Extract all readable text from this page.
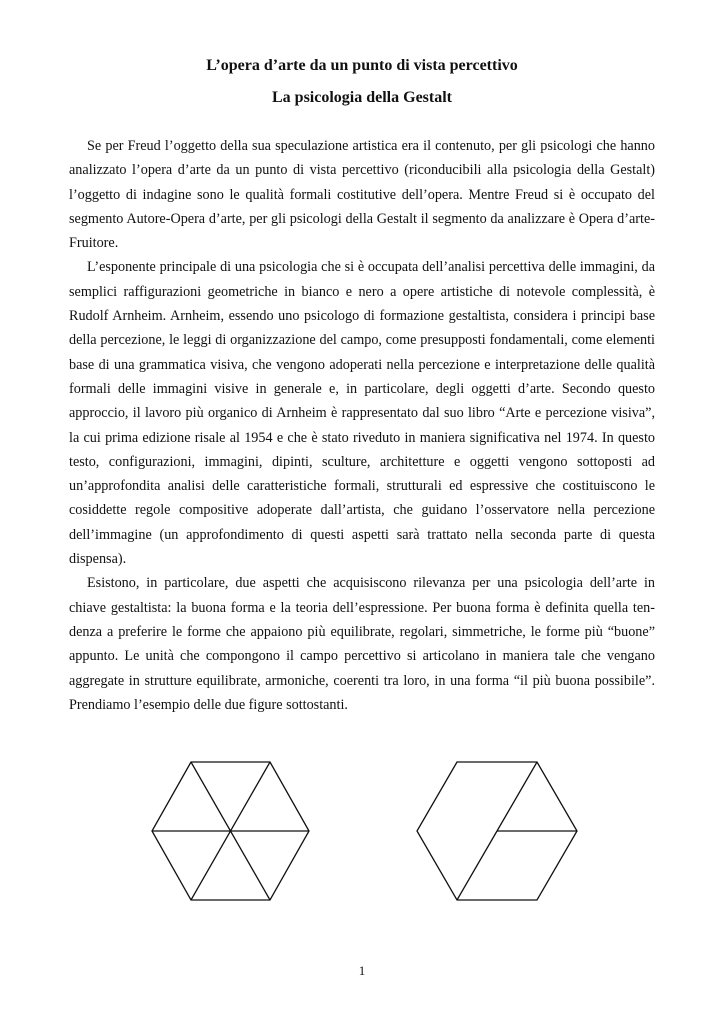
L’opera d’arte da un punto di vista percettivo
La psicologia della Gestalt

Se per Freud l’oggetto della sua speculazione artistica era il contenuto, per gli psicologi che hanno analizzato l’opera d’arte da un punto di vista percettivo (riconducibili alla psicologia della Gestalt) l’oggetto di indagine sono le qualità formali costitutive dell’opera. Mentre Freud si è occupato del segmento Autore-Opera d’arte, per gli psicologi della Gestalt il segmento da analizzare è Opera d’arte-Fruitore.

L’esponente principale di una psicologia che si è occupata dell’analisi percettiva delle immagini, da semplici raffigurazioni geometriche in bianco e nero a opere artistiche di notevole complessità, è Rudolf Arnheim. Arnheim, essendo uno psicologo di formazione gestaltista, considera i principi base della percezione, le leggi di organizzazione del campo, come presupposti fondamentali, come elementi base di una grammatica visiva, che vengono adoperati nella percezione e interpretazione delle qualità formali delle immagini visive in generale e, in particolare, degli oggetti d’arte. Secondo questo approccio, il lavoro più organico di Arnheim è rappresentato dal suo libro “Arte e percezione visiva”, la cui prima edizione risale al 1954 e che è stato riveduto in maniera significativa nel 1974. In questo testo, configurazioni, immagini, dipinti, sculture, architetture e oggetti vengono sottoposti ad un’approfondita analisi delle caratteristiche formali, strutturali ed espressive che costituiscono le cosiddette regole compositive adoperate dall’artista, che guidano l’osservatore nella percezione dell’immagine (un approfondimento di questi aspetti sarà trattato nella seconda parte di questa dispensa).

Esistono, in particolare, due aspetti che acquisiscono rilevanza per una psicologia dell’arte in chiave gestaltista: la buona forma e la teoria dell’espressione. Per buona forma è definita quella tendenza a preferire le forme che appaiono più equilibrate, regolari, simmetriche, le forme più “buone” appunto. Le unità che compongono il campo percettivo si articolano in maniera tale che vengano aggregate in strutture equilibrate, armoniche, coerenti tra loro, in una forma “il più buona possibile”. Prendiamo l’esempio delle due figure sottostanti.

1
